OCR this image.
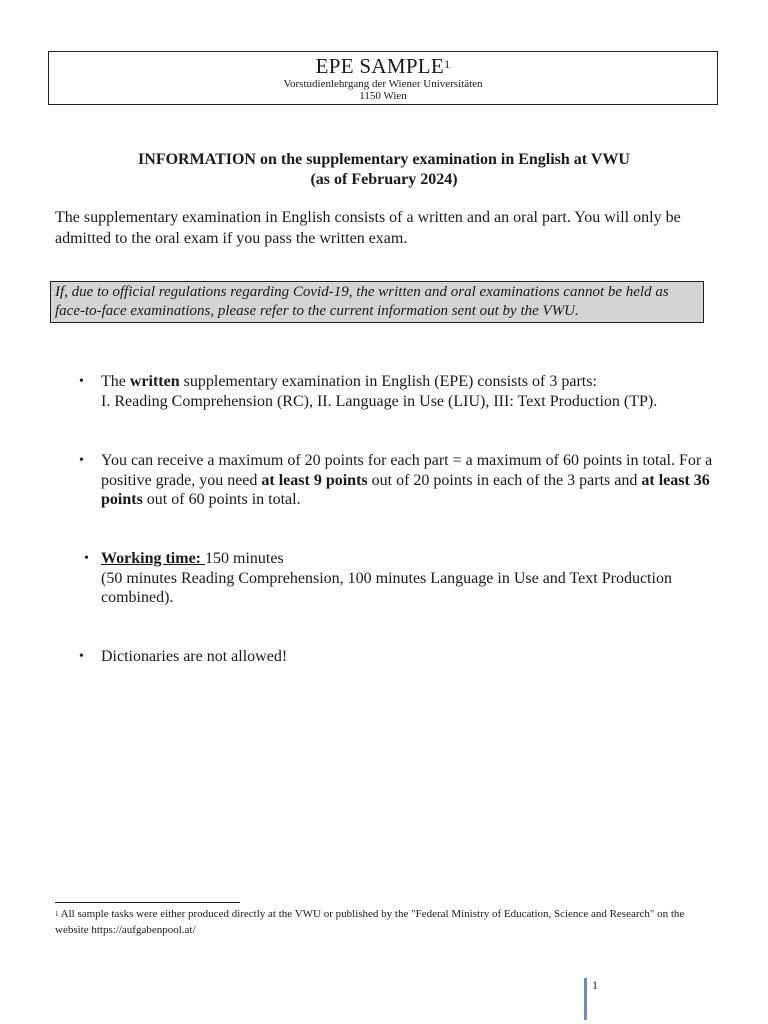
EPE SAMPLE$^1$
Vorstudienlehrgang der Wiener Universitäten
1150 Wien
INFORMATION on the supplementary examination in English at VWU
(as of February 2024)
The supplementary examination in English consists of a written and an oral part. You will only be admitted to the oral exam if you pass the written exam.
If, due to official regulations regarding Covid-19, the written and oral examinations cannot be held as face-to-face examinations, please refer to the current information sent out by the VWU.
• The written supplementary examination in English (EPE) consists of 3 parts:
I. Reading Comprehension (RC), II. Language in Use (LIU), III: Text Production (TP).
• You can receive a maximum of 20 points for each part = a maximum of 60 points in total. For a positive grade, you need at least 9 points out of 20 points in each of the 3 parts and at least 36 points out of 60 points in total.
• Working time: 150 minutes
(50 minutes Reading Comprehension, 100 minutes Language in Use and Text Production combined).
• Dictionaries are not allowed!
$^1$ All sample tasks were either produced directly at the VWU or published by the "Federal Ministry of Education, Science and Research" on the website https://aufgabenpool.at/
1
